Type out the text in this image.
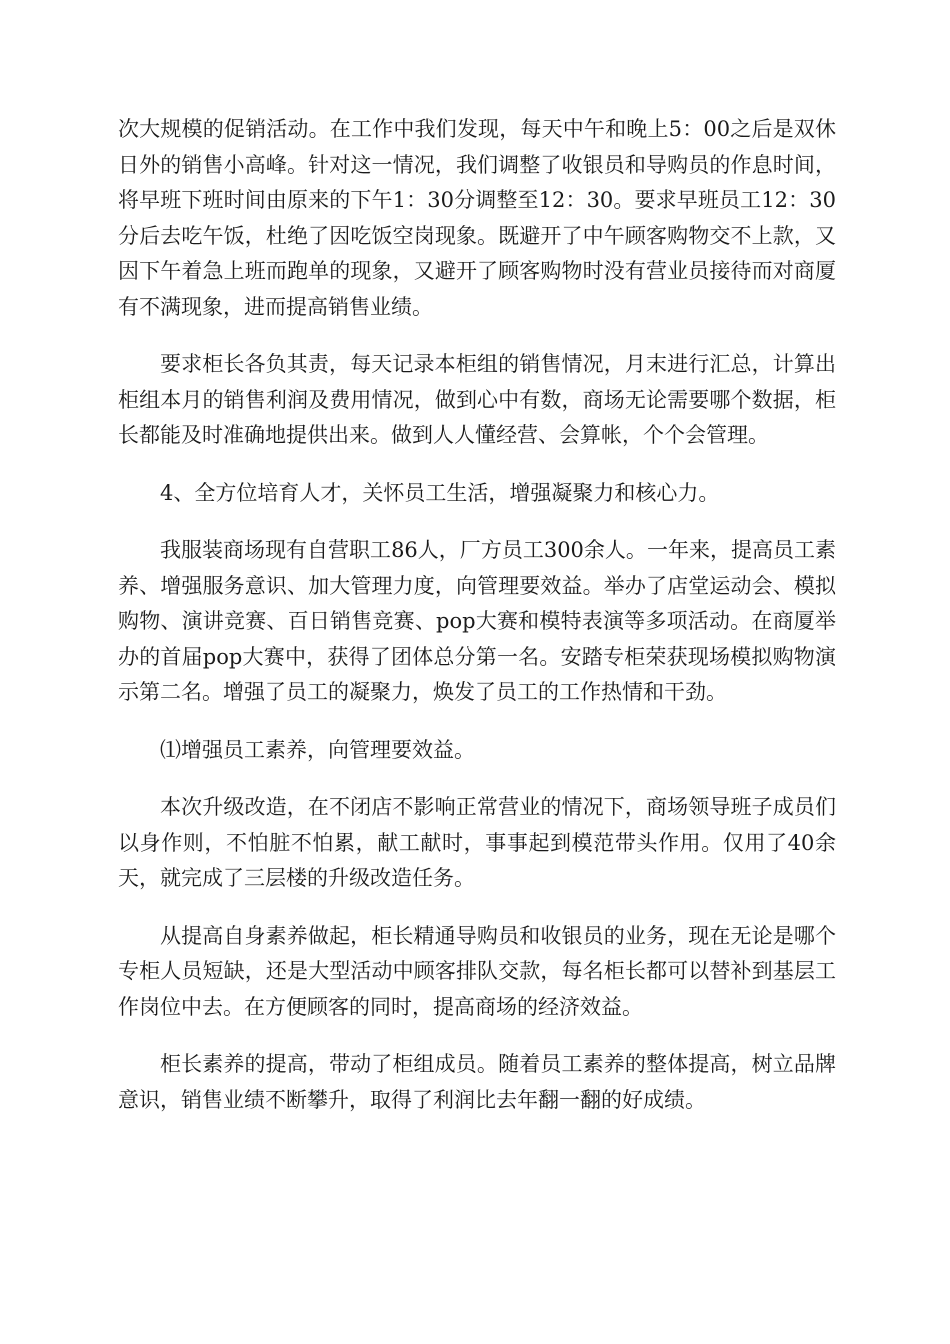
次大规模的促销活动。在工作中我们发现，每天中午和晚上5：00之后是双休日外的销售小高峰。针对这一情况，我们调整了收银员和导购员的作息时间，将早班下班时间由原来的下午1：30分调整至12：30。要求早班员工12：30分后去吃午饭，杜绝了因吃饭空岗现象。既避开了中午顾客购物交不上款，又因下午着急上班而跑单的现象，又避开了顾客购物时没有营业员接待而对商厦有不满现象，进而提高销售业绩。

要求柜长各负其责，每天记录本柜组的销售情况，月末进行汇总，计算出柜组本月的销售利润及费用情况，做到心中有数，商场无论需要哪个数据，柜长都能及时准确地提供出来。做到人人懂经营、会算帐，个个会管理。

4、全方位培育人才，关怀员工生活，增强凝聚力和核心力。

我服装商场现有自营职工86人，厂方员工300余人。一年来，提高员工素养、增强服务意识、加大管理力度，向管理要效益。举办了店堂运动会、模拟购物、演讲竞赛、百日销售竞赛、pop大赛和模特表演等多项活动。在商厦举办的首届pop大赛中，获得了团体总分第一名。安踏专柜荣获现场模拟购物演示第二名。增强了员工的凝聚力，焕发了员工的工作热情和干劲。

⑴增强员工素养，向管理要效益。

本次升级改造，在不闭店不影响正常营业的情况下，商场领导班子成员们以身作则，不怕脏不怕累，献工献时，事事起到模范带头作用。仅用了40余天，就完成了三层楼的升级改造任务。

从提高自身素养做起，柜长精通导购员和收银员的业务，现在无论是哪个专柜人员短缺，还是大型活动中顾客排队交款，每名柜长都可以替补到基层工作岗位中去。在方便顾客的同时，提高商场的经济效益。

柜长素养的提高，带动了柜组成员。随着员工素养的整体提高，树立品牌意识，销售业绩不断攀升，取得了利润比去年翻一翻的好成绩。
